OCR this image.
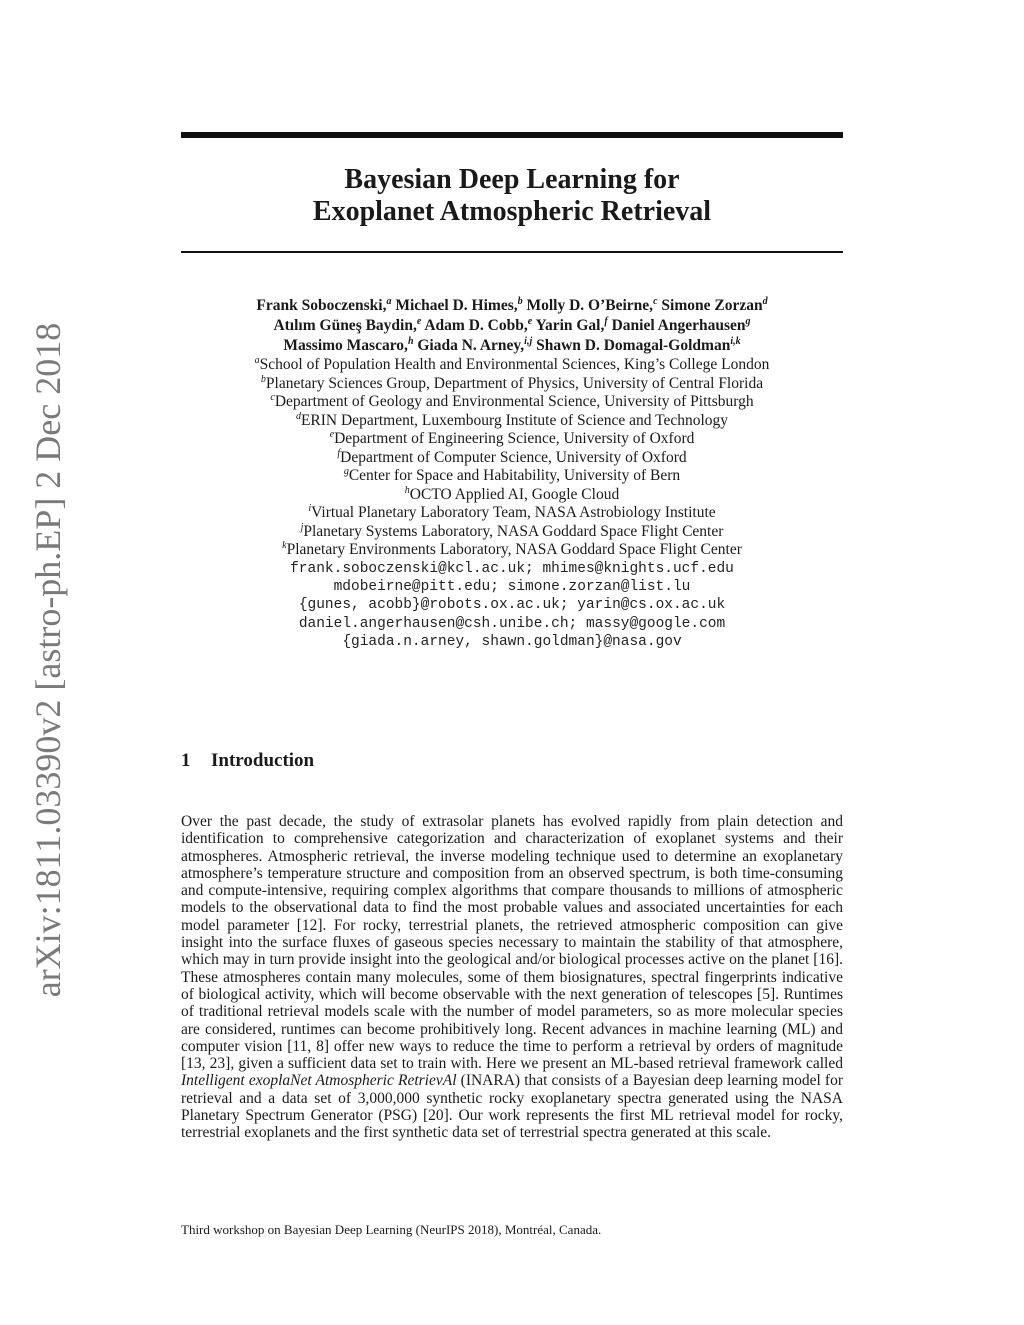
arXiv:1811.03390v2 [astro-ph.EP] 2 Dec 2018
Bayesian Deep Learning for
Exoplanet Atmospheric Retrieval
Frank Soboczenski,$^a$ Michael D. Himes,$^b$ Molly D. O’Beirne,$^c$ Simone Zorzan$^d$
Atılım Güneş Baydin,$^e$ Adam D. Cobb,$^e$ Yarin Gal,$^f$ Daniel Angerhausen$^g$
Massimo Mascaro,$^h$ Giada N. Arney,$^{i,j}$ Shawn D. Domagal-Goldman$^{i,k}$
$^a$School of Population Health and Environmental Sciences, King’s College London
$^b$Planetary Sciences Group, Department of Physics, University of Central Florida
$^c$Department of Geology and Environmental Science, University of Pittsburgh
$^d$ERIN Department, Luxembourg Institute of Science and Technology
$^e$Department of Engineering Science, University of Oxford
$^f$Department of Computer Science, University of Oxford
$^g$Center for Space and Habitability, University of Bern
$^h$OCTO Applied AI, Google Cloud
$^i$Virtual Planetary Laboratory Team, NASA Astrobiology Institute
$^j$Planetary Systems Laboratory, NASA Goddard Space Flight Center
$^k$Planetary Environments Laboratory, NASA Goddard Space Flight Center
frank.soboczenski@kcl.ac.uk; mhimes@knights.ucf.edu
mdobeirne@pitt.edu; simone.zorzan@list.lu
{gunes, acobb}@robots.ox.ac.uk; yarin@cs.ox.ac.uk
daniel.angerhausen@csh.unibe.ch; massy@google.com
{giada.n.arney, shawn.goldman}@nasa.gov
1 Introduction

Over the past decade, the study of extrasolar planets has evolved rapidly from plain detection and identification to comprehensive categorization and characterization of exoplanet systems and their atmospheres. Atmospheric retrieval, the inverse modeling technique used to determine an exoplanetary atmosphere’s temperature structure and composition from an observed spectrum, is both time-consuming and compute-intensive, requiring complex algorithms that compare thousands to millions of atmospheric models to the observational data to find the most probable values and associated uncertainties for each model parameter [12]. For rocky, terrestrial planets, the retrieved atmospheric composition can give insight into the surface fluxes of gaseous species necessary to maintain the stability of that atmosphere, which may in turn provide insight into the geological and/or biological processes active on the planet [16]. These atmospheres contain many molecules, some of them biosignatures, spectral fingerprints indicative of biological activity, which will become observable with the next generation of telescopes [5]. Runtimes of traditional retrieval models scale with the number of model parameters, so as more molecular species are considered, runtimes can become prohibitively long. Recent advances in machine learning (ML) and computer vision [11, 8] offer new ways to reduce the time to perform a retrieval by orders of magnitude [13, 23], given a sufficient data set to train with. Here we present an ML-based retrieval framework called Intelligent exoplaNet Atmospheric RetrievAl (INARA) that consists of a Bayesian deep learning model for retrieval and a data set of 3,000,000 synthetic rocky exoplanetary spectra generated using the NASA Planetary Spectrum Generator (PSG) [20]. Our work represents the first ML retrieval model for rocky, terrestrial exoplanets and the first synthetic data set of terrestrial spectra generated at this scale.

Third workshop on Bayesian Deep Learning (NeurIPS 2018), Montréal, Canada.
